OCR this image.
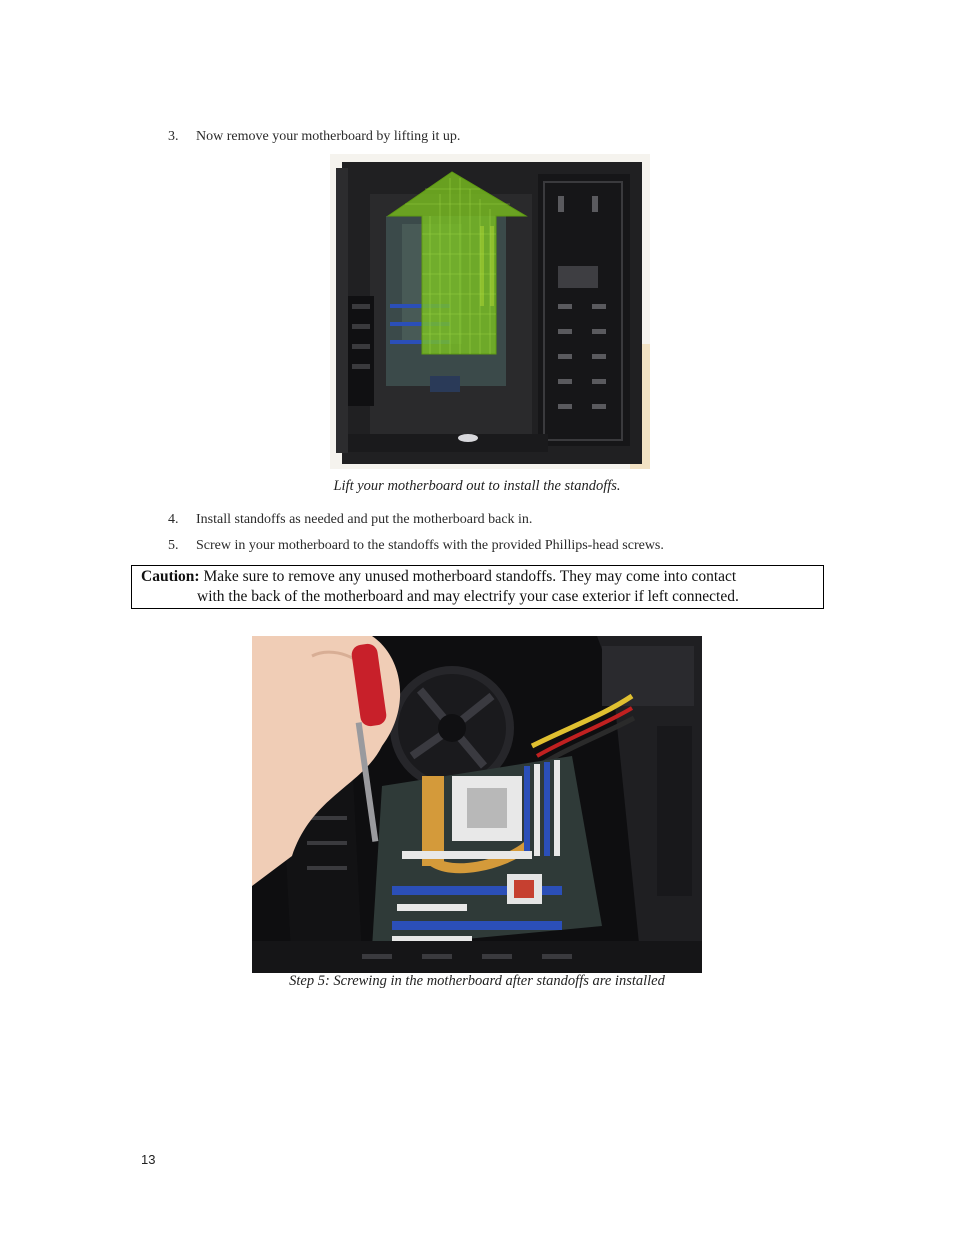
3. Now remove your motherboard by lifting it up.
Lift your motherboard out to install the standoffs.
4. Install standoffs as needed and put the motherboard back in.
5. Screw in your motherboard to the standoffs with the provided Phillips-head screws.
Caution: Make sure to remove any unused motherboard standoffs. They may come into contact
with the back of the motherboard and may electrify your case exterior if left connected.
Step 5: Screwing in the motherboard after standoffs are installed
13
